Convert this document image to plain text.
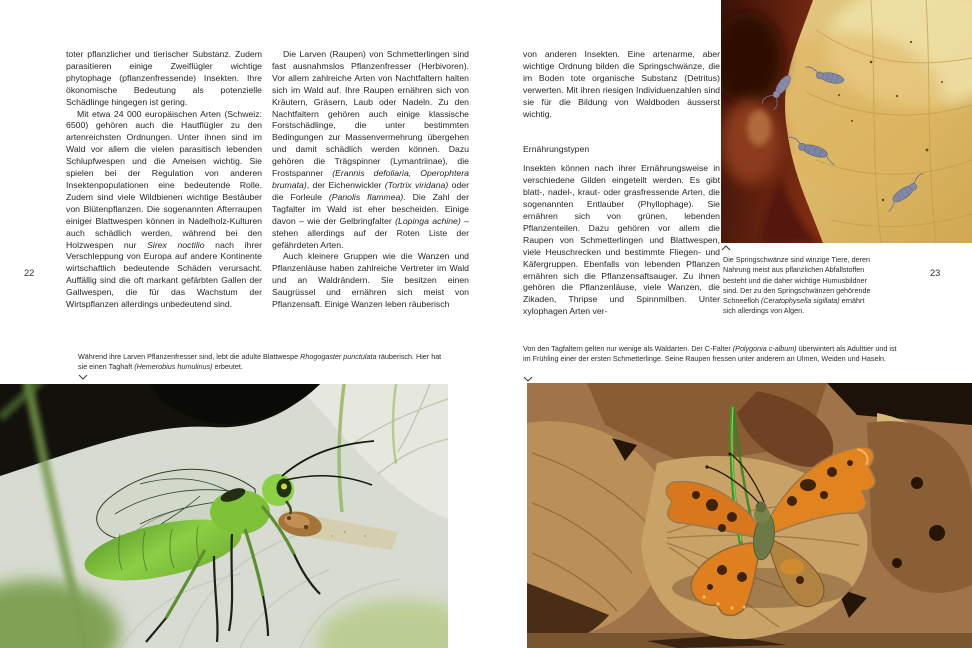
22

toter pflanzlicher und tierischer Substanz. Zudem parasitieren einige Zweiflügler wichtige phytophage (pflanzenfressende) Insekten. Ihre ökonomische Bedeutung als potenzielle Schädlinge hingegen ist gering.

Mit etwa 24 000 europäischen Arten (Schweiz: 6500) gehören auch die Hautflügler zu den artenreichsten Ordnungen. Unter ihnen sind im Wald vor allem die vielen parasitisch lebenden Schlupfwespen und die Ameisen wichtig. Sie spielen bei der Regulation von anderen Insektenpopulationen eine bedeutende Rolle. Zudem sind viele Wildbienen wichtige Bestäuber von Blütenpflanzen. Die sogenannten Afterraupen einiger Blattwespen können in Nadelholz-Kulturen auch schädlich werden, während bei den Holzwespen nur Sirex noctilio nach ihrer Verschleppung von Europa auf andere Kontinente wirtschaftlich bedeutende Schäden verursacht. Auffällig sind die oft markant gefärbten Gallen der Gallwespen, die für das Wachstum der Wirtspflanzen allerdings unbedeutend sind.

Die Larven (Raupen) von Schmetterlingen sind fast ausnahmslos Pflanzenfresser (Herbivoren). Vor allem zahlreiche Arten von Nachtfaltern halten sich im Wald auf. Ihre Raupen ernähren sich von Kräutern, Gräsern, Laub oder Nadeln. Zu den Nachtfaltern gehören auch einige klassische Forstschädlinge, die unter bestimmten Bedingungen zur Massenvermehrung übergehen und damit schädlich werden können. Dazu gehören die Trägspinner (Lymantriinae), die Frostspanner (Erannis defoliaria, Operophtera brumata), der Eichenwickler (Tortrix viridana) oder die Forleule (Panolis flammea). Die Zahl der Tagfalter im Wald ist eher bescheiden. Einige davon – wie der Gelbringfalter (Lopinga achine) – stehen allerdings auf der Roten Liste der gefährdeten Arten.

Auch kleinere Gruppen wie die Wanzen und Pflanzenläuse haben zahlreiche Vertreter im Wald und an Waldrändern. Sie besitzen einen Saugrüssel und ernähren sich meist von Pflanzensaft. Einige Wanzen leben räuberisch

Während ihre Larven Pflanzenfresser sind, lebt die adulte Blattwespe Rhogogaster punctulata räuberisch. Hier hat sie einen Taghaft (Hemerobius humulinus) erbeutet.

von anderen Insekten. Eine artenarme, aber wichtige Ordnung bilden die Springschwänze, die im Boden tote organische Substanz (Detritus) verwerten. Mit ihren riesigen Individuenzahlen sind sie für die Bildung von Waldboden äusserst wichtig.

Ernährungstypen

Insekten können nach ihrer Ernährungsweise in verschiedene Gilden eingeteilt werden. Es gibt blatt-, nadel-, kraut- oder grasfressende Arten, die sogenannten Entlauber (Phyllophage). Sie ernähren sich von grünen, lebenden Pflanzenteilen. Dazu gehören vor allem die Raupen von Schmetterlingen und Blattwespen, viele Heuschrecken und bestimmte Fliegen- und Käfergruppen. Ebenfalls von lebenden Pflanzen ernähren sich die Pflanzensaftsauger. Zu ihnen gehören die Pflanzenläuse, viele Wanzen, die Zikaden, Thripse und Spinnmilben. Unter xylophagen Arten ver-

Die Springschwänze sind winzige Tiere, deren Nahrung meist aus pflanzlichen Abfallstoffen besteht und die daher wichtige Humusbildner sind. Der zu den Springschwänzen gehörende Schneefloh (Ceratophysella sigillata) ernährt sich allerdings von Algen.
23
Von den Tagfaltern gelten nur wenige als Waldarten. Der C-Falter (Polygonia c-album) überwintert als Adulttier und ist im Frühling einer der ersten Schmetterlinge. Seine Raupen fressen unter anderem an Ulmen, Weiden und Haseln.
